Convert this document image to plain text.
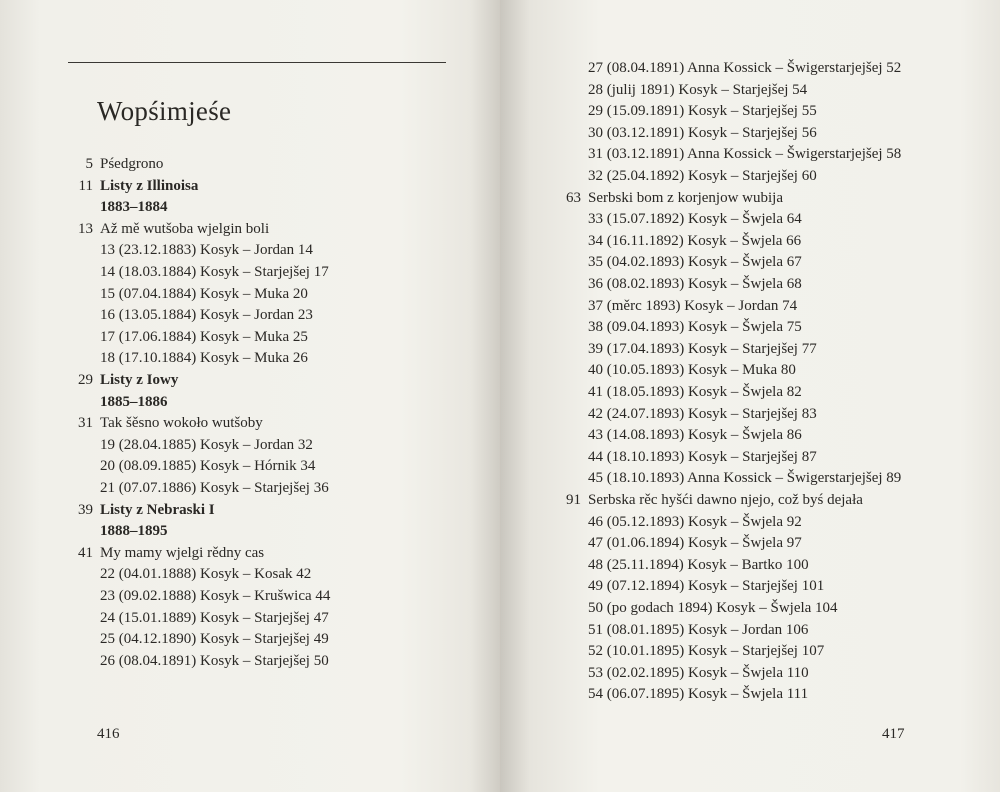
Wopśimjeśe
5 Pśedgrono
11 Listy z Illinoisa
1883–1884
13 Až mě wutšoba wjelgin boli
13 (23.12.1883) Kosyk – Jordan 14
14 (18.03.1884) Kosyk – Starjejšej 17
15 (07.04.1884) Kosyk – Muka 20
16 (13.05.1884) Kosyk – Jordan 23
17 (17.06.1884) Kosyk – Muka 25
18 (17.10.1884) Kosyk – Muka 26
29 Listy z Iowy
1885–1886
31 Tak šěsno wokoło wutšoby
19 (28.04.1885) Kosyk – Jordan 32
20 (08.09.1885) Kosyk – Hórnik 34
21 (07.07.1886) Kosyk – Starjejšej 36
39 Listy z Nebraski I
1888–1895
41 My mamy wjelgi rědny cas
22 (04.01.1888) Kosyk – Kosak 42
23 (09.02.1888) Kosyk – Krušwica 44
24 (15.01.1889) Kosyk – Starjejšej 47
25 (04.12.1890) Kosyk – Starjejšej 49
26 (08.04.1891) Kosyk – Starjejšej 50
416
27 (08.04.1891) Anna Kossick – Šwigerstarjejšej 52
28 (julij 1891) Kosyk – Starjejšej 54
29 (15.09.1891) Kosyk – Starjejšej 55
30 (03.12.1891) Kosyk – Starjejšej 56
31 (03.12.1891) Anna Kossick – Šwigerstarjejšej 58
32 (25.04.1892) Kosyk – Starjejšej 60
63 Serbski bom z korjenjow wubija
33 (15.07.1892) Kosyk – Šwjela 64
34 (16.11.1892) Kosyk – Šwjela 66
35 (04.02.1893) Kosyk – Šwjela 67
36 (08.02.1893) Kosyk – Šwjela 68
37 (měrc 1893) Kosyk – Jordan 74
38 (09.04.1893) Kosyk – Šwjela 75
39 (17.04.1893) Kosyk – Starjejšej 77
40 (10.05.1893) Kosyk – Muka 80
41 (18.05.1893) Kosyk – Šwjela 82
42 (24.07.1893) Kosyk – Starjejšej 83
43 (14.08.1893) Kosyk – Šwjela 86
44 (18.10.1893) Kosyk – Starjejšej 87
45 (18.10.1893) Anna Kossick – Šwigerstarjejšej 89
91 Serbska rěc hyšći dawno njejo, což byś dejała
46 (05.12.1893) Kosyk – Šwjela 92
47 (01.06.1894) Kosyk – Šwjela 97
48 (25.11.1894) Kosyk – Bartko 100
49 (07.12.1894) Kosyk – Starjejšej 101
50 (po godach 1894) Kosyk – Šwjela 104
51 (08.01.1895) Kosyk – Jordan 106
52 (10.01.1895) Kosyk – Starjejšej 107
53 (02.02.1895) Kosyk – Šwjela 110
54 (06.07.1895) Kosyk – Šwjela 111
417
